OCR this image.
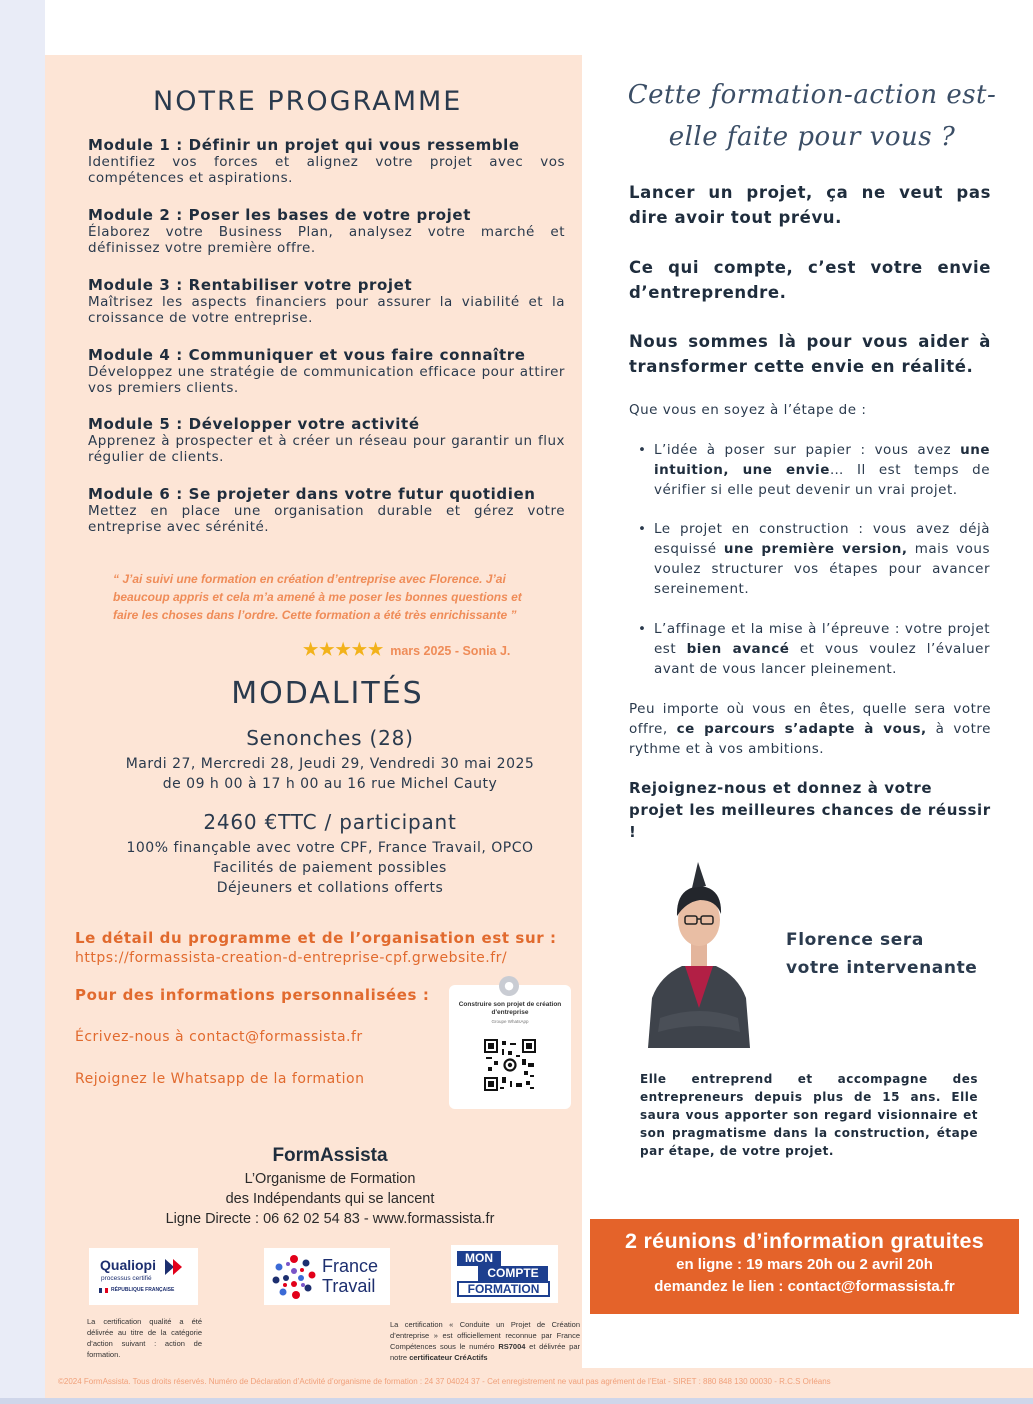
NOTRE PROGRAMME
Module 1 : Définir un projet qui vous ressemble
Identifiez vos forces et alignez votre projet avec vos compétences et aspirations.
Module 2 : Poser les bases de votre projet
Élaborez votre Business Plan, analysez votre marché et définissez votre première offre.
Module 3 : Rentabiliser votre projet
Maîtrisez les aspects financiers pour assurer la viabilité et la croissance de votre entreprise.
Module 4 : Communiquer et vous faire connaître
Développez une stratégie de communication efficace pour attirer vos premiers clients.
Module 5 : Développer votre activité
Apprenez à prospecter et à créer un réseau pour garantir un flux régulier de clients.
Module 6 : Se projeter dans votre futur quotidien
Mettez en place une organisation durable et gérez votre entreprise avec sérénité.
“ J’ai suivi une formation en création d’entreprise avec Florence. J’ai beaucoup appris et cela m’a amené à me poser les bonnes questions et faire les choses dans l’ordre. Cette formation a été très enrichissante ”
★★★★★ mars 2025 - Sonia J.
MODALITÉS
Senonches (28)
Mardi 27, Mercredi 28, Jeudi 29, Vendredi 30 mai 2025
de 09 h 00 à 17 h 00 au 16 rue Michel Cauty
2460 €TTC / participant
100% finançable avec votre CPF, France Travail, OPCO
Facilités de paiement possibles
Déjeuners et collations offerts
Le détail du programme et de l’organisation est sur :
https://formassista-creation-d-entreprise-cpf.grwebsite.fr/
Pour des informations personnalisées :
Écrivez-nous à contact@formassista.fr
Rejoignez le Whatsapp de la formation
●
Construire son projet de création d'entreprise
Groupe WhatsApp
FormAssista
L’Organisme de Formation
des Indépendants qui se lancent
Ligne Directe : 06 62 02 54 83 - www.formassista.fr
Qualiopi
processus certifié
RÉPUBLIQUE FRANÇAISE
France
Travail
MON
COMPTE
FORMATION
La certification qualité a été délivrée au titre de la catégorie d’action suivant : action de formation.
La certification « Conduite un Projet de Création d’entreprise » est officiellement reconnue par France Compétences sous le numéro RS7004 et délivrée par notre certificateur CréActifs
©2024 FormAssista. Tous droits réservés. Numéro de Déclaration d’Activité d’organisme de formation : 24 37 04024 37 - Cet enregistrement ne vaut pas agrément de l’Etat - SIRET : 880 848 130 00030 - R.C.S Orléans
Cette formation-action est-elle faite pour vous ?
Lancer un projet, ça ne veut pas dire avoir tout prévu.
Ce qui compte, c’est votre envie d’entreprendre.
Nous sommes là pour vous aider à transformer cette envie en réalité.
Que vous en soyez à l’étape de :
• L’idée à poser sur papier : vous avez une intuition, une envie… Il est temps de vérifier si elle peut devenir un vrai projet.
• Le projet en construction : vous avez déjà esquissé une première version, mais vous voulez structurer vos étapes pour avancer sereinement.
• L’affinage et la mise à l’épreuve : votre projet est bien avancé et vous voulez l’évaluer avant de vous lancer pleinement.
Peu importe où vous en êtes, quelle sera votre offre, ce parcours s’adapte à vous, à votre rythme et à vos ambitions.
Rejoignez-nous et donnez à votre projet les meilleures chances de réussir !
Florence sera
votre intervenante
Elle entreprend et accompagne des entrepreneurs depuis plus de 15 ans. Elle saura vous apporter son regard visionnaire et son pragmatisme dans la construction, étape par étape, de votre projet.
2 réunions d’information gratuites
en ligne : 19 mars 20h ou 2 avril 20h
demandez le lien : contact@formassista.fr
